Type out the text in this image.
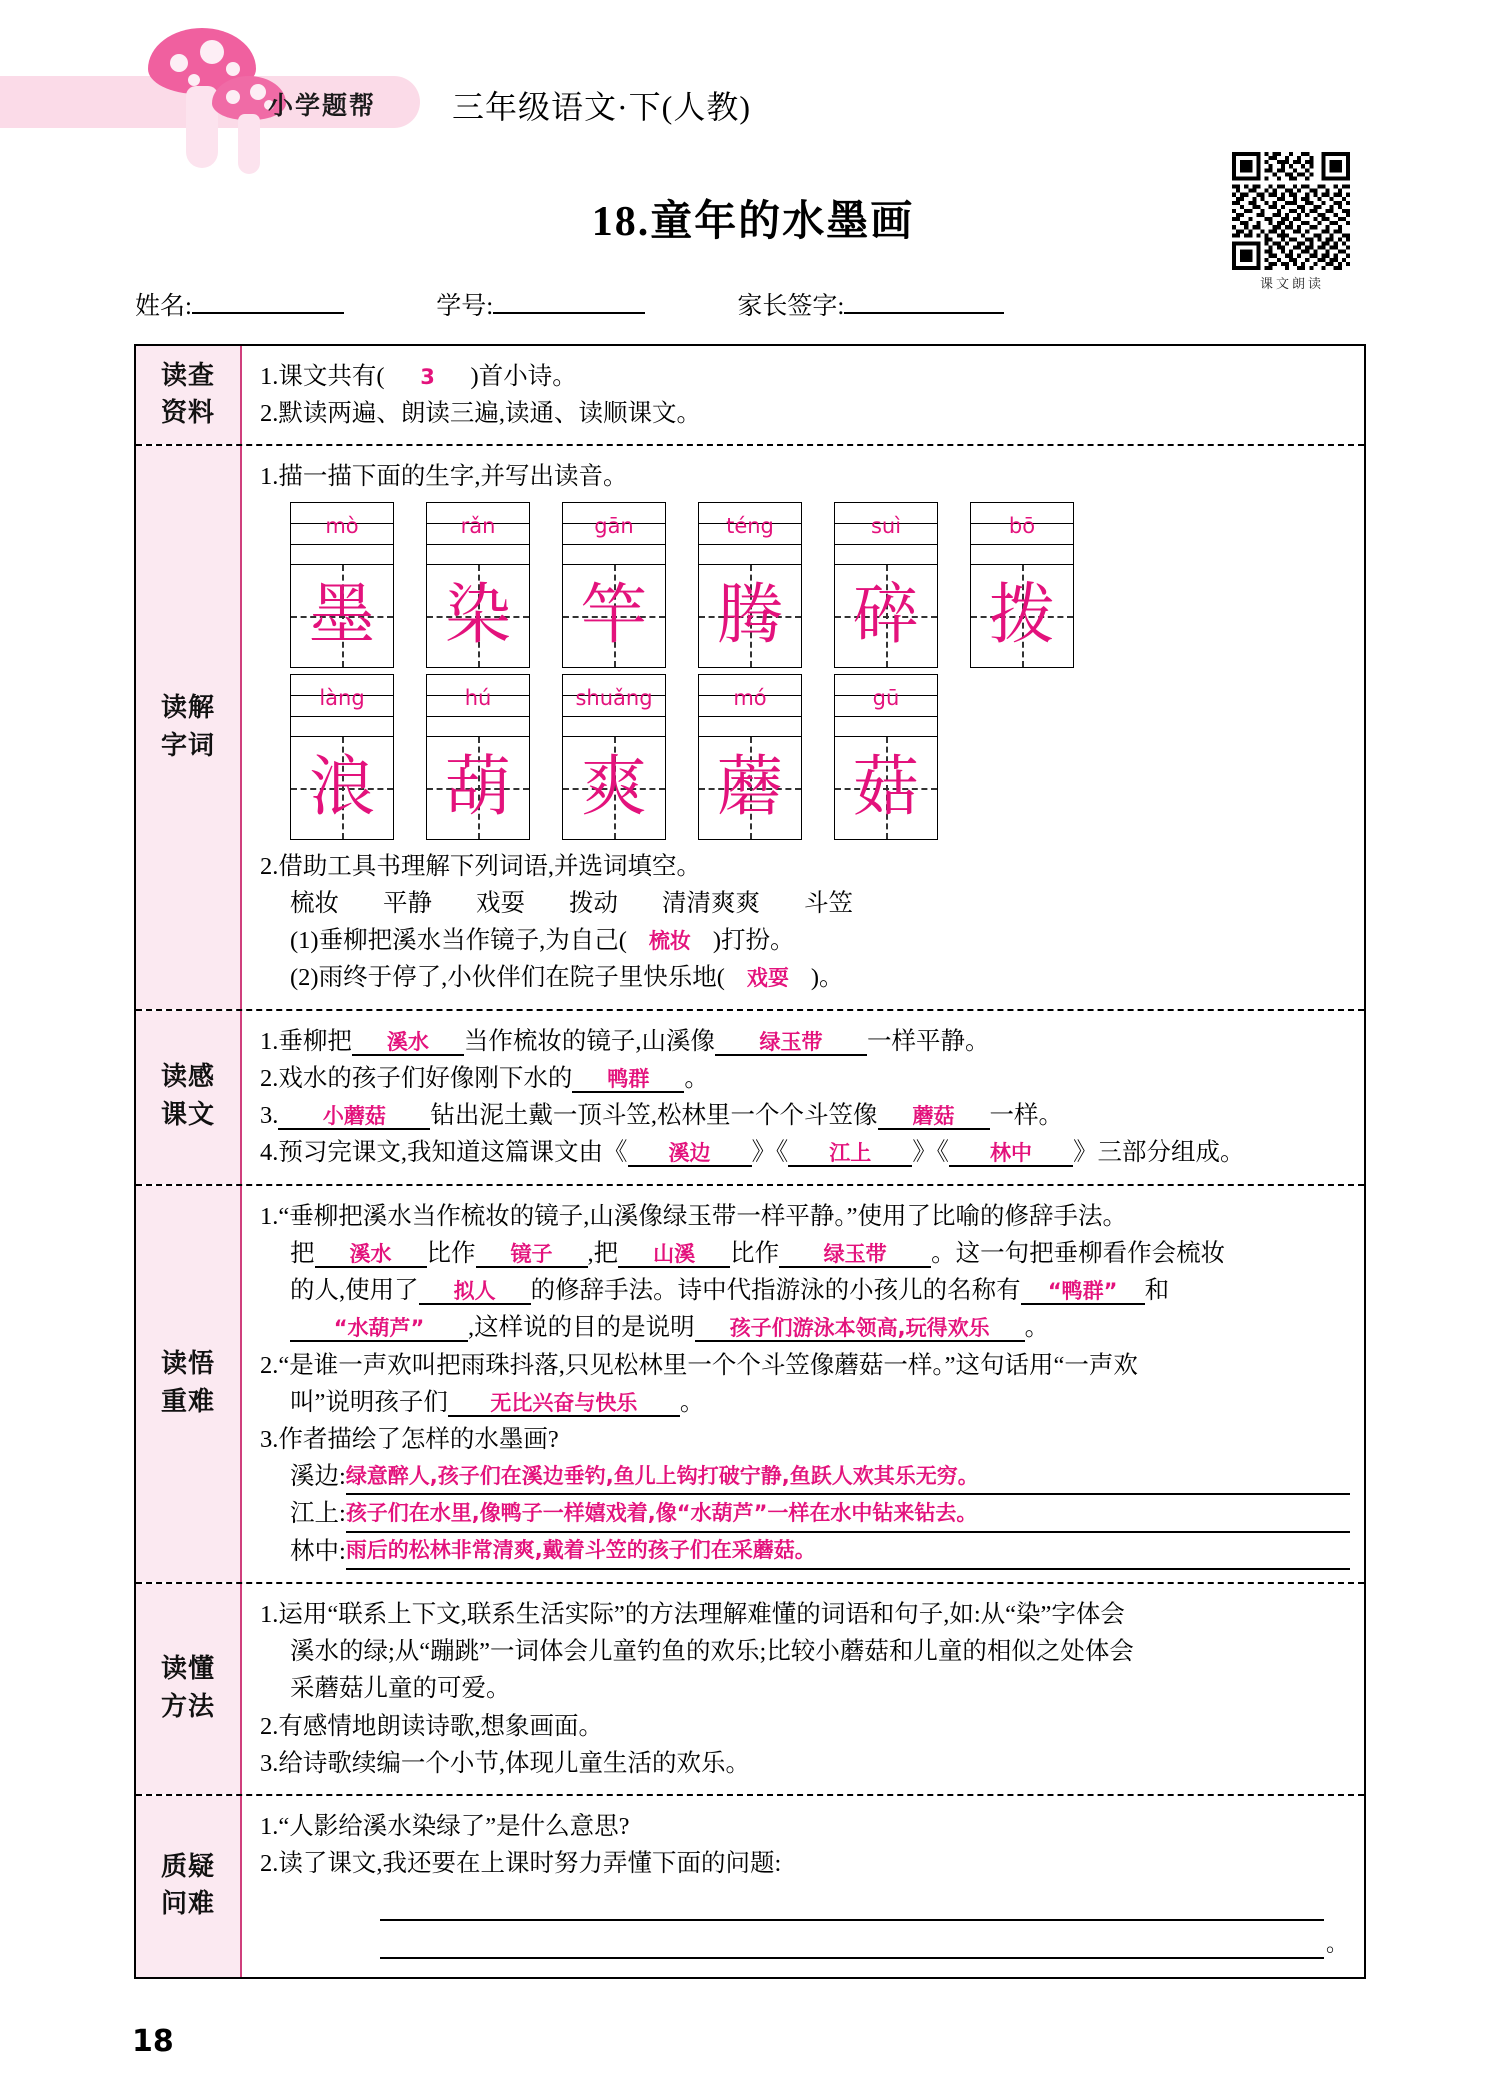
小学题帮 三年级语文·下(人教)
18.童年的水墨画
课文朗读
姓名:	学号:	家长签字:
读查
资料
1.课文共有( 3 )首小诗。
2.默读两遍、朗读三遍,读通、读顺课文。
读解
字词
1.描一描下面的生字,并写出读音。
mò
墨
rǎn
染
gān
竿
téng
腾
suì
碎
bō
拨
làng
浪
hú
葫
shuǎng
爽
mó
蘑
gū
菇
2.借助工具书理解下列词语,并选词填空。
梳妆 平静 戏耍 拨动 清清爽爽 斗笠
(1)垂柳把溪水当作镜子,为自己( 梳妆 )打扮。
(2)雨终于停了,小伙伴们在院子里快乐地( 戏耍 )。
读感
课文
1.垂柳把 溪水 当作梳妆的镜子,山溪像 绿玉带 一样平静。
2.戏水的孩子们好像刚下水的 鸭群 。
3. 小蘑菇 钻出泥土戴一顶斗笠,松林里一个个斗笠像 蘑菇 一样。
4.预习完课文,我知道这篇课文由《 溪边 》《 江上 》《 林中 》三部分组成。
读悟
重难
1.“垂柳把溪水当作梳妆的镜子,山溪像绿玉带一样平静。”使用了比喻的修辞手法。
把 溪水 比作 镜子 ,把 山溪 比作 绿玉带 。这一句把垂柳看作会梳妆
的人,使用了 拟人 的修辞手法。诗中代指游泳的小孩儿的名称有 “鸭群” 和
“水葫芦” ,这样说的目的是说明 孩子们游泳本领高,玩得欢乐 。
2.“是谁一声欢叫把雨珠抖落,只见松林里一个个斗笠像蘑菇一样。”这句话用“一声欢
叫”说明孩子们 无比兴奋与快乐 。
3.作者描绘了怎样的水墨画?
溪边: 绿意醉人,孩子们在溪边垂钓,鱼儿上钩打破宁静,鱼跃人欢其乐无穷。
江上: 孩子们在水里,像鸭子一样嬉戏着,像“水葫芦”一样在水中钻来钻去。
林中: 雨后的松林非常清爽,戴着斗笠的孩子们在采蘑菇。
读懂
方法
1.运用“联系上下文,联系生活实际”的方法理解难懂的词语和句子,如:从“染”字体会
溪水的绿;从“蹦跳”一词体会儿童钓鱼的欢乐;比较小蘑菇和儿童的相似之处体会
采蘑菇儿童的可爱。
2.有感情地朗读诗歌,想象画面。
3.给诗歌续编一个小节,体现儿童生活的欢乐。
质疑
问难
1.“人影给溪水染绿了”是什么意思?
2.读了课文,我还要在上课时努力弄懂下面的问题:
。
18
